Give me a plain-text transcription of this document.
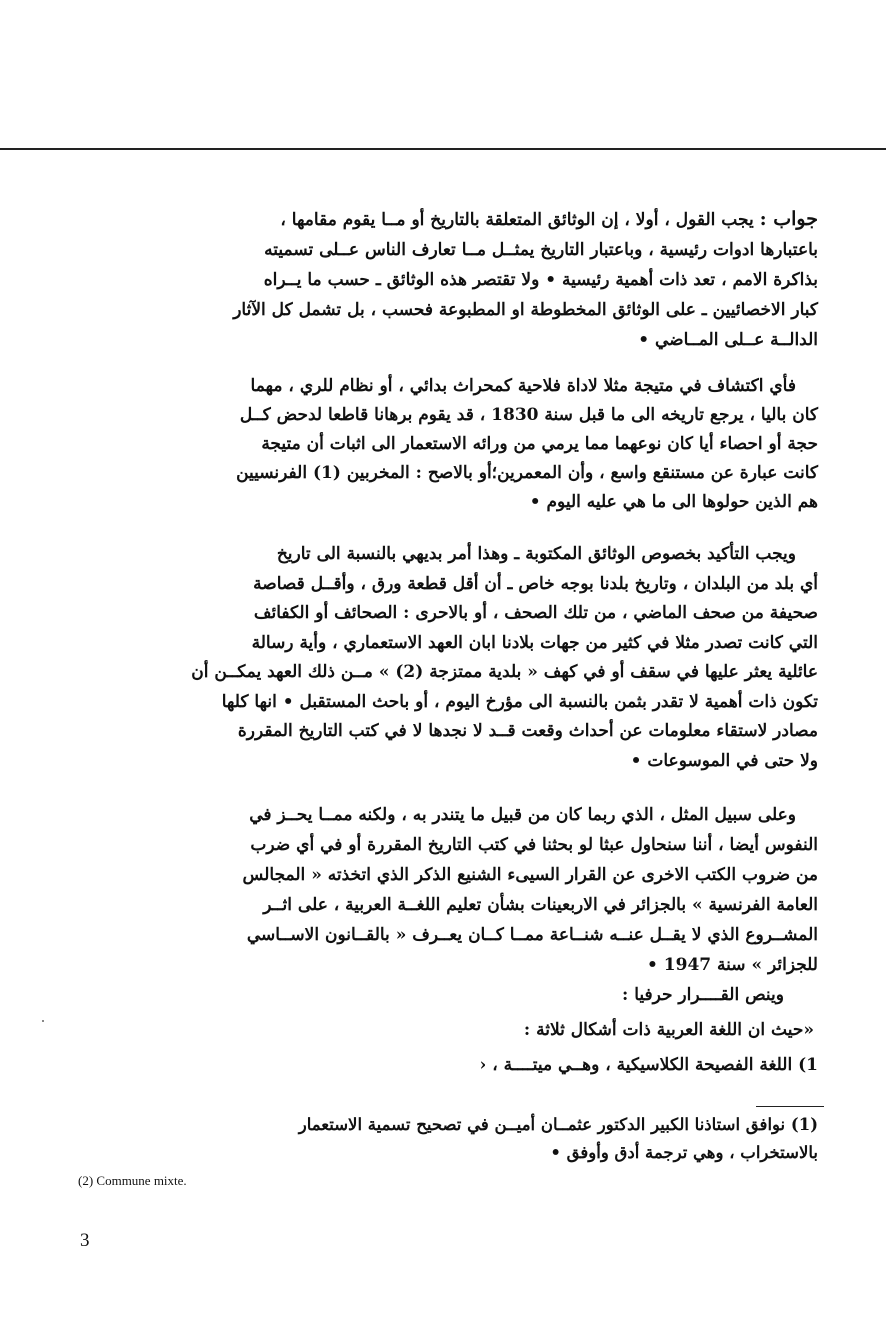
جواب : يجب القول ، أولا ، إن الوثائق المتعلقة بالتاريخ أو مــا يقوم مقامها ،
باعتبارها ادوات رئيسية ، وباعتبار التاريخ يمثــل مــا تعارف الناس عــلى تسميته
بذاكرة الامم ، تعد ذات أهمية رئيسية • ولا تقتصر هذه الوثائق ـ حسب ما يــراه
كبار الاخصائيين ـ على الوثائق المخطوطة او المطبوعة فحسب ، بل تشمل كل الآثار
الدالــة عــلى المــاضي •
فأي اكتشاف في متيجة مثلا لاداة فلاحية كمحراث بدائي ، أو نظام للري ، مهما
كان باليا ، يرجع تاريخه الى ما قبل سنة 1830 ، قد يقوم برهانا قاطعا لدحض كــل
حجة أو احصاء أيا كان نوعهما مما يرمي من ورائه الاستعمار الى اثبات أن متيجة
كانت عبارة عن مستنقع واسع ، وأن المعمرين؛أو بالاصح : المخربين (1) الفرنسيين
هم الذين حولوها الى ما هي عليه اليوم •
ويجب التأكيد بخصوص الوثائق المكتوبة ـ وهذا أمر بديهي بالنسبة الى تاريخ
أي بلد من البلدان ، وتاريخ بلدنا بوجه خاص ـ أن أقل قطعة ورق ، وأقــل قصاصة
صحيفة من صحف الماضي ، من تلك الصحف ، أو بالاحرى : الصحائف أو الكفائف
التي كانت تصدر مثلا في كثير من جهات بلادنا ابان العهد الاستعماري ، وأية رسالة
عائلية يعثر عليها في سقف أو في كهف « بلدية ممتزجة (2) » مــن ذلك العهد يمكــن أن
تكون ذات أهمية لا تقدر بثمن بالنسبة الى مؤرخ اليوم ، أو باحث المستقبل • انها كلها
مصادر لاستقاء معلومات عن أحداث وقعت قــد لا نجدها لا في كتب التاريخ المقررة
ولا حتى في الموسوعات •
وعلى سبيل المثل ، الذي ربما كان من قبيل ما يتندر به ، ولكنه ممــا يحــز في
النفوس أيضا ، أننا سنحاول عبثا لو بحثنا في كتب التاريخ المقررة أو في أي ضرب
من ضروب الكتب الاخرى عن القرار السيىء الشنيع الذكر الذي اتخذته « المجالس
العامة الفرنسية » بالجزائر في الاربعينات بشأن تعليم اللغــة العربية ، على اثــر
المشــروع الذي لا يقــل عنــه شنــاعة ممــا كــان يعــرف « بالقــانون الاســاسي
للجزائر » سنة 1947 •
وينص القــــرار حرفيا :
«حيث ان اللغة العربية ذات أشكال ثلاثة :
1) اللغة الفصيحة الكلاسيكية ، وهــي ميتــــة ، ‹
(1) نوافق استاذنا الكبير الدكتور عثمــان أميــن في تصحيح تسمية الاستعمار
بالاستخراب ، وهي ترجمة أدق وأوفق •
(2) Commune mixte.
3
